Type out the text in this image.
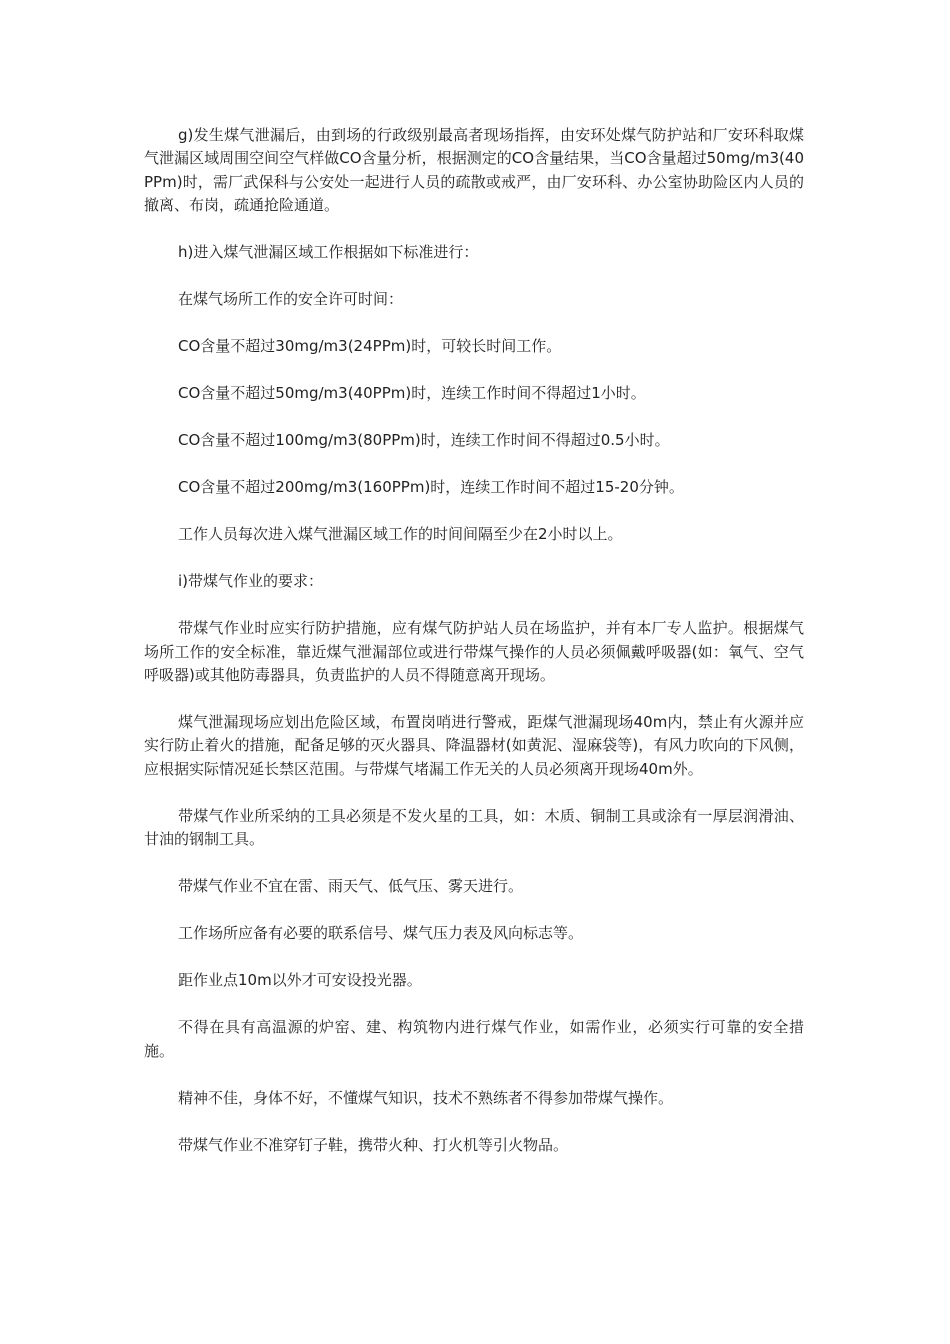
g)发生煤气泄漏后，由到场的行政级别最高者现场指挥，由安环处煤气防护站和厂安环科取煤气泄漏区域周围空间空气样做CO含量分析，根据测定的CO含量结果，当CO含量超过50mg/m3(40PPm)时，需厂武保科与公安处一起进行人员的疏散或戒严，由厂安环科、办公室协助险区内人员的撤离、布岗，疏通抢险通道。

h)进入煤气泄漏区域工作根据如下标准进行：

在煤气场所工作的安全许可时间：

CO含量不超过30mg/m3(24PPm)时，可较长时间工作。

CO含量不超过50mg/m3(40PPm)时，连续工作时间不得超过1小时。

CO含量不超过100mg/m3(80PPm)时，连续工作时间不得超过0.5小时。

CO含量不超过200mg/m3(160PPm)时，连续工作时间不超过15-20分钟。

工作人员每次进入煤气泄漏区域工作的时间间隔至少在2小时以上。

i)带煤气作业的要求：

带煤气作业时应实行防护措施，应有煤气防护站人员在场监护，并有本厂专人监护。根据煤气场所工作的安全标准，靠近煤气泄漏部位或进行带煤气操作的人员必须佩戴呼吸器(如：氧气、空气呼吸器)或其他防毒器具，负责监护的人员不得随意离开现场。

煤气泄漏现场应划出危险区域，布置岗哨进行警戒，距煤气泄漏现场40m内，禁止有火源并应实行防止着火的措施，配备足够的灭火器具、降温器材(如黄泥、湿麻袋等)，有风力吹向的下风侧，应根据实际情况延长禁区范围。与带煤气堵漏工作无关的人员必须离开现场40m外。

带煤气作业所采纳的工具必须是不发火星的工具，如：木质、铜制工具或涂有一厚层润滑油、甘油的钢制工具。

带煤气作业不宜在雷、雨天气、低气压、雾天进行。

工作场所应备有必要的联系信号、煤气压力表及风向标志等。

距作业点10m以外才可安设投光器。

不得在具有高温源的炉窑、建、构筑物内进行煤气作业，如需作业，必须实行可靠的安全措施。

精神不佳，身体不好，不懂煤气知识，技术不熟练者不得参加带煤气操作。

带煤气作业不准穿钉子鞋，携带火种、打火机等引火物品。
